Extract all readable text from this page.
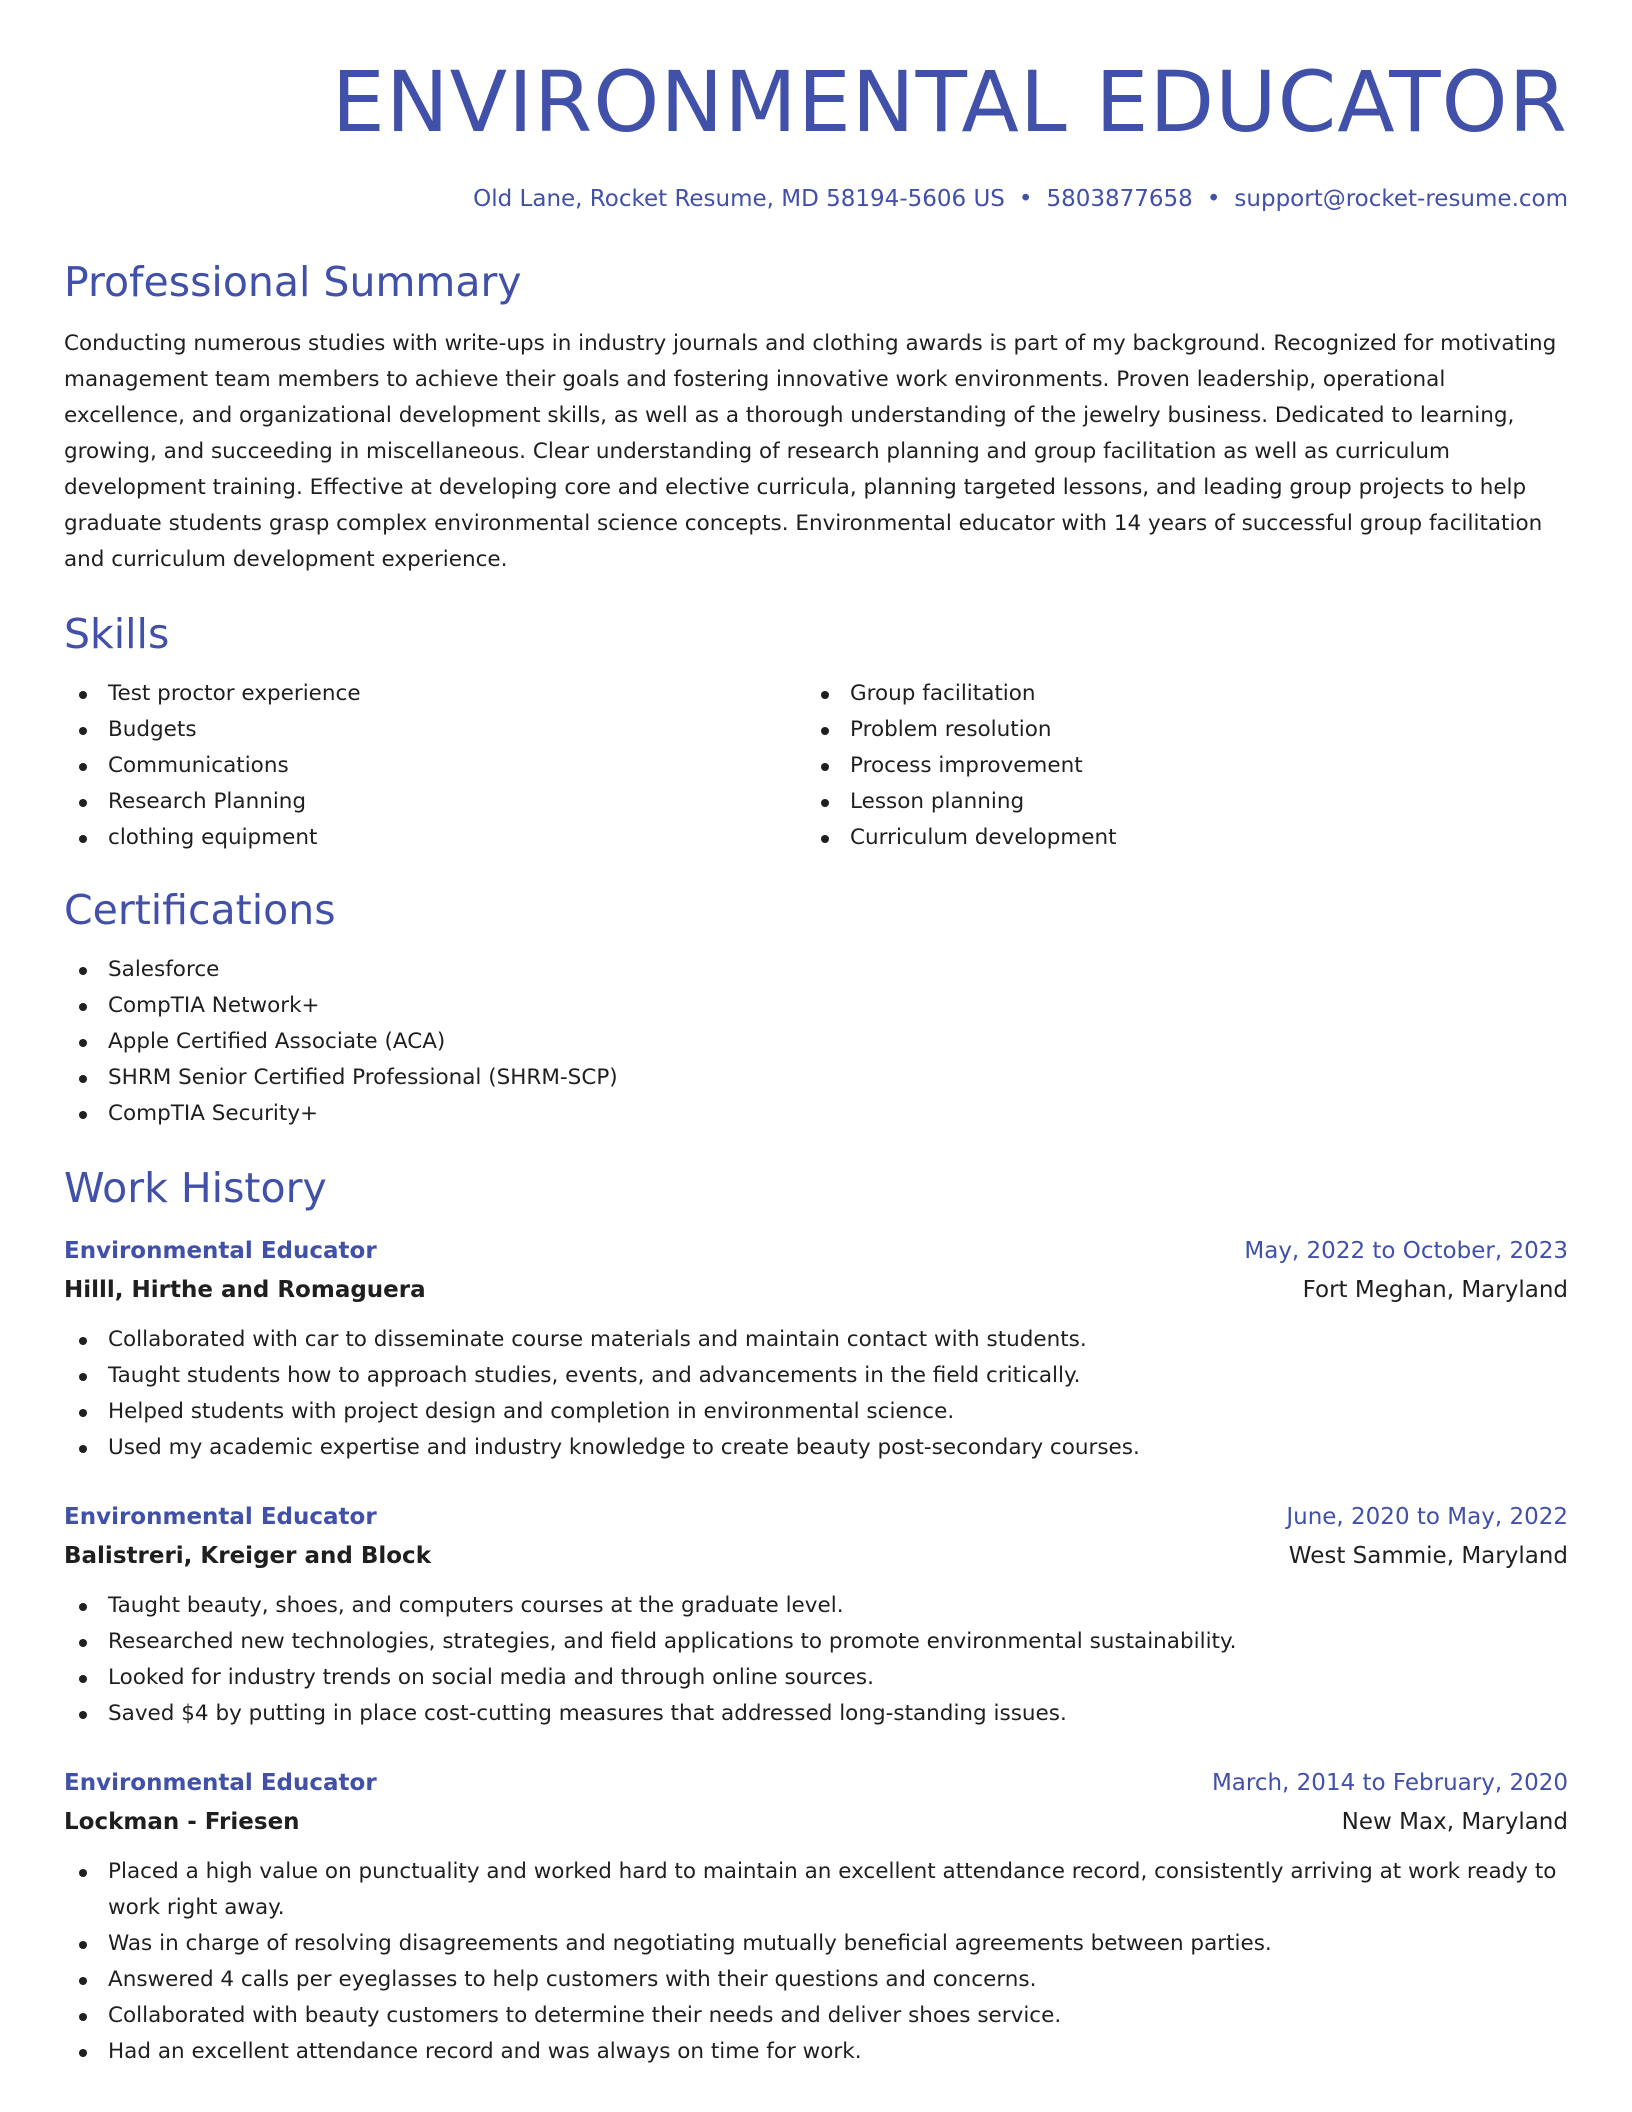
ENVIRONMENTAL EDUCATOR
Old Lane, Rocket Resume, MD 58194-5606 US • 5803877658 • support@rocket-resume.com
Professional Summary

Conducting numerous studies with write-ups in industry journals and clothing awards is part of my background. Recognized for motivating management team members to achieve their goals and fostering innovative work environments. Proven leadership, operational excellence, and organizational development skills, as well as a thorough understanding of the jewelry business. Dedicated to learning, growing, and succeeding in miscellaneous. Clear understanding of research planning and group facilitation as well as curriculum development training. Effective at developing core and elective curricula, planning targeted lessons, and leading group projects to help graduate students grasp complex environmental science concepts. Environmental educator with 14 years of successful group facilitation and curriculum development experience.

Skills
Test proctor experience
Budgets
Communications
Research Planning
clothing equipment
Group facilitation
Problem resolution
Process improvement
Lesson planning
Curriculum development
Certifications
Salesforce
CompTIA Network+
Apple Certified Associate (ACA)
SHRM Senior Certified Professional (SHRM-SCP)
CompTIA Security+
Work History
Environmental Educator	May, 2022 to October, 2023
Hilll, Hirthe and Romaguera	Fort Meghan, Maryland
Collaborated with car to disseminate course materials and maintain contact with students.
Taught students how to approach studies, events, and advancements in the field critically.
Helped students with project design and completion in environmental science.
Used my academic expertise and industry knowledge to create beauty post-secondary courses.
Environmental Educator	June, 2020 to May, 2022
Balistreri, Kreiger and Block	West Sammie, Maryland
Taught beauty, shoes, and computers courses at the graduate level.
Researched new technologies, strategies, and field applications to promote environmental sustainability.
Looked for industry trends on social media and through online sources.
Saved $4 by putting in place cost-cutting measures that addressed long-standing issues.
Environmental Educator	March, 2014 to February, 2020
Lockman - Friesen	New Max, Maryland
Placed a high value on punctuality and worked hard to maintain an excellent attendance record, consistently arriving at work ready to work right away.
Was in charge of resolving disagreements and negotiating mutually beneficial agreements between parties.
Answered 4 calls per eyeglasses to help customers with their questions and concerns.
Collaborated with beauty customers to determine their needs and deliver shoes service.
Had an excellent attendance record and was always on time for work.
